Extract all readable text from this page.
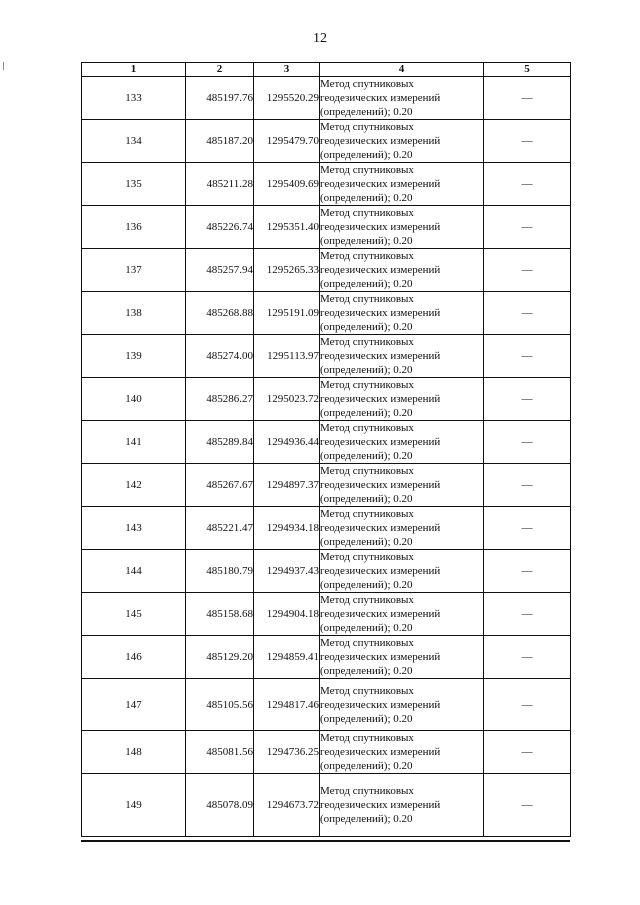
12
1	2	3	4	5
133	485197.76	1295520.29	Метод спутниковых
геодезических измерений
(определений); 0.20	—
134	485187.20	1295479.70	Метод спутниковых
геодезических измерений
(определений); 0.20	—
135	485211.28	1295409.69	Метод спутниковых
геодезических измерений
(определений); 0.20	—
136	485226.74	1295351.40	Метод спутниковых
геодезических измерений
(определений); 0.20	—
137	485257.94	1295265.33	Метод спутниковых
геодезических измерений
(определений); 0.20	—
138	485268.88	1295191.09	Метод спутниковых
геодезических измерений
(определений); 0.20	—
139	485274.00	1295113.97	Метод спутниковых
геодезических измерений
(определений); 0.20	—
140	485286.27	1295023.72	Метод спутниковых
геодезических измерений
(определений); 0.20	—
141	485289.84	1294936.44	Метод спутниковых
геодезических измерений
(определений); 0.20	—
142	485267.67	1294897.37	Метод спутниковых
геодезических измерений
(определений); 0.20	—
143	485221.47	1294934.18	Метод спутниковых
геодезических измерений
(определений); 0.20	—
144	485180.79	1294937.43	Метод спутниковых
геодезических измерений
(определений); 0.20	—
145	485158.68	1294904.18	Метод спутниковых
геодезических измерений
(определений); 0.20	—
146	485129.20	1294859.41	Метод спутниковых
геодезических измерений
(определений); 0.20	—
147	485105.56	1294817.46	Метод спутниковых
геодезических измерений
(определений); 0.20	—
148	485081.56	1294736.25	Метод спутниковых
геодезических измерений
(определений); 0.20	—
149	485078.09	1294673.72	Метод спутниковых
геодезических измерений
(определений); 0.20	—
